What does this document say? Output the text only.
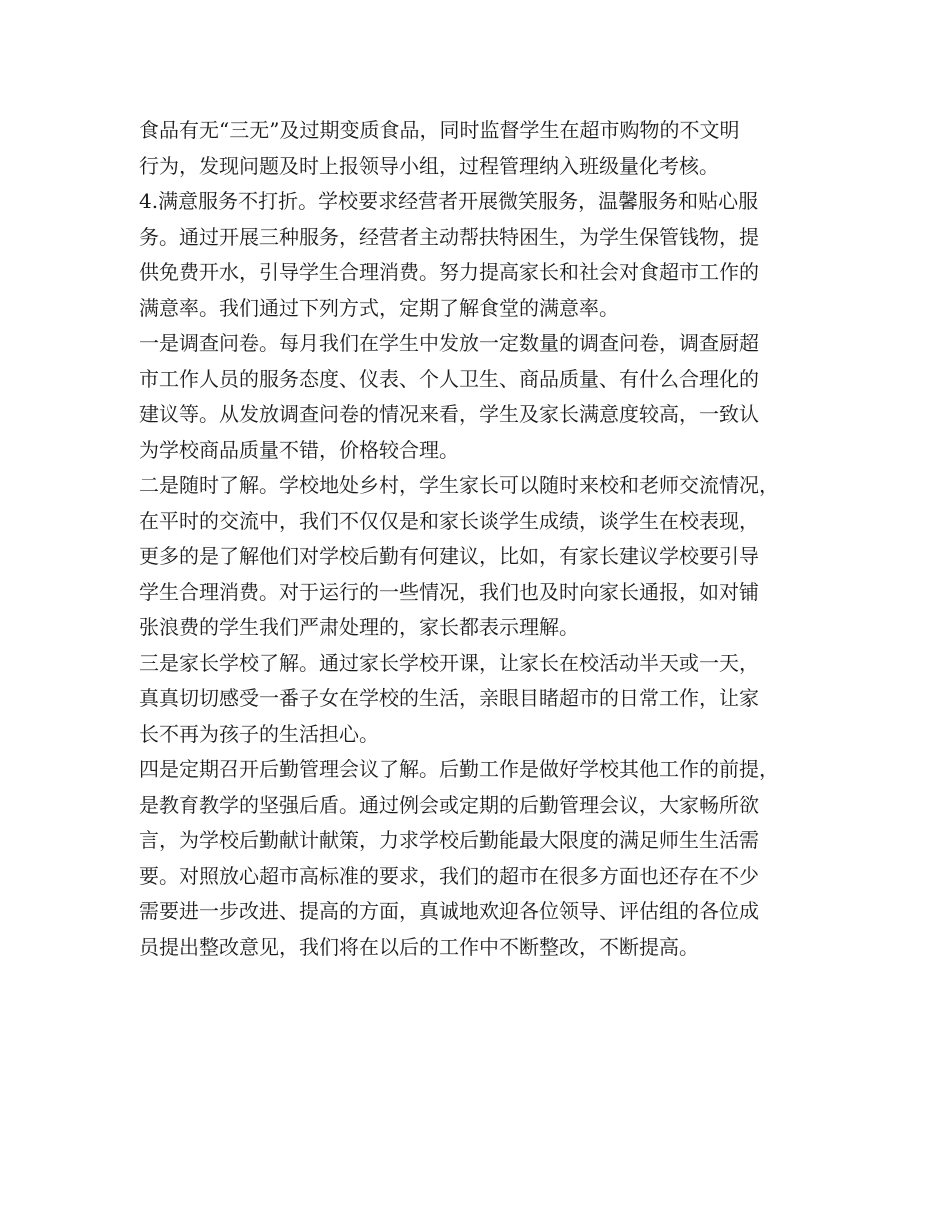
食品有无“三无”及过期变质食品，同时监督学生在超市购物的不文明
行为，发现问题及时上报领导小组，过程管理纳入班级量化考核。
4.满意服务不打折。学校要求经营者开展微笑服务，温馨服务和贴心服
务。通过开展三种服务，经营者主动帮扶特困生，为学生保管钱物，提
供免费开水，引导学生合理消费。努力提高家长和社会对食超市工作的
满意率。我们通过下列方式，定期了解食堂的满意率。
一是调查问卷。每月我们在学生中发放一定数量的调查问卷，调查厨超
市工作人员的服务态度、仪表、个人卫生、商品质量、有什么合理化的
建议等。从发放调查问卷的情况来看，学生及家长满意度较高，一致认
为学校商品质量不错，价格较合理。
二是随时了解。学校地处乡村，学生家长可以随时来校和老师交流情况，
在平时的交流中，我们不仅仅是和家长谈学生成绩，谈学生在校表现，
更多的是了解他们对学校后勤有何建议，比如，有家长建议学校要引导
学生合理消费。对于运行的一些情况，我们也及时向家长通报，如对铺
张浪费的学生我们严肃处理的，家长都表示理解。
三是家长学校了解。通过家长学校开课，让家长在校活动半天或一天，
真真切切感受一番子女在学校的生活，亲眼目睹超市的日常工作，让家
长不再为孩子的生活担心。
四是定期召开后勤管理会议了解。后勤工作是做好学校其他工作的前提，
是教育教学的坚强后盾。通过例会或定期的后勤管理会议，大家畅所欲
言，为学校后勤献计献策，力求学校后勤能最大限度的满足师生生活需
要。对照放心超市高标准的要求，我们的超市在很多方面也还存在不少
需要进一步改进、提高的方面，真诚地欢迎各位领导、评估组的各位成
员提出整改意见，我们将在以后的工作中不断整改，不断提高。
